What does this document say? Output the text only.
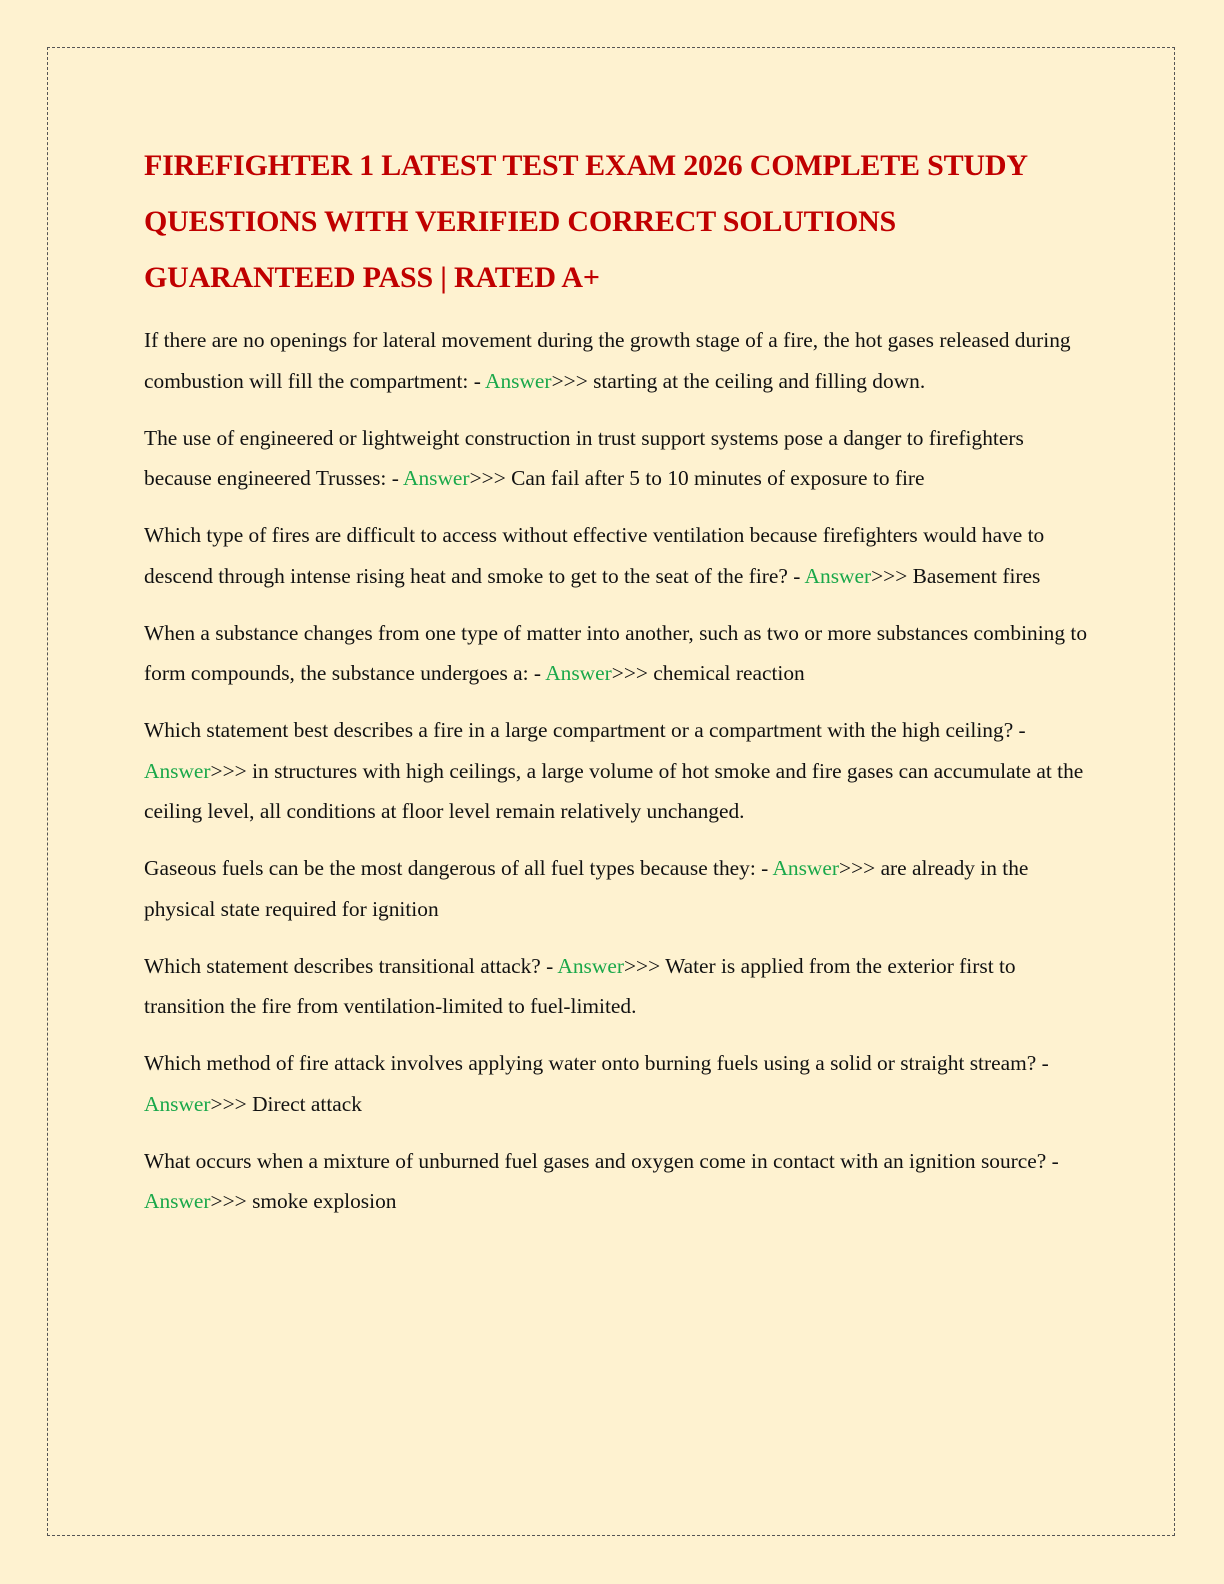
FIREFIGHTER 1 LATEST TEST EXAM 2026 COMPLETE STUDY QUESTIONS WITH VERIFIED CORRECT SOLUTIONS GUARANTEED PASS | RATED A+

If there are no openings for lateral movement during the growth stage of a fire, the hot gases released during combustion will fill the compartment: - Answer>>> starting at the ceiling and filling down.

The use of engineered or lightweight construction in trust support systems pose a danger to firefighters because engineered Trusses: - Answer>>> Can fail after 5 to 10 minutes of exposure to fire

Which type of fires are difficult to access without effective ventilation because firefighters would have to descend through intense rising heat and smoke to get to the seat of the fire? - Answer>>> Basement fires

When a substance changes from one type of matter into another, such as two or more substances combining to form compounds, the substance undergoes a: - Answer>>> chemical reaction

Which statement best describes a fire in a large compartment or a compartment with the high ceiling? - Answer>>> in structures with high ceilings, a large volume of hot smoke and fire gases can accumulate at the ceiling level, all conditions at floor level remain relatively unchanged.

Gaseous fuels can be the most dangerous of all fuel types because they: - Answer>>> are already in the physical state required for ignition

Which statement describes transitional attack? - Answer>>> Water is applied from the exterior first to transition the fire from ventilation-limited to fuel-limited.

Which method of fire attack involves applying water onto burning fuels using a solid or straight stream? - Answer>>> Direct attack

What occurs when a mixture of unburned fuel gases and oxygen come in contact with an ignition source? - Answer>>> smoke explosion
